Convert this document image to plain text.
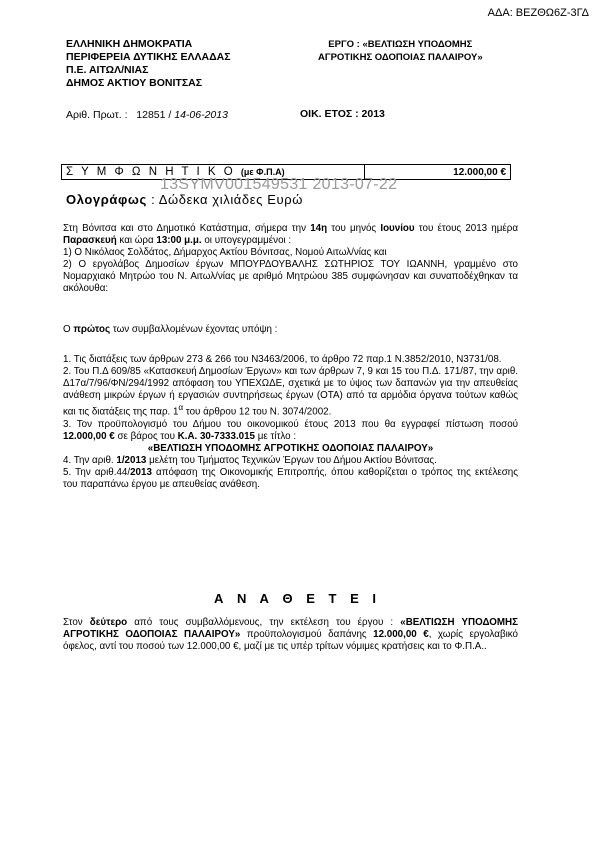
ΑΔΑ: ΒΕΖΘΩ6Ζ-3ΓΔ
ΕΛΛΗΝΙΚΗ ΔΗΜΟΚΡΑΤΙΑ
ΠΕΡΙΦΕΡΕΙΑ ΔΥΤΙΚΗΣ ΕΛΛΑΔΑΣ
Π.Ε. ΑΙΤΩΛ/ΝΙΑΣ
ΔΗΜΟΣ ΑΚΤΙΟΥ ΒΟΝΙΤΣΑΣ
ΕΡΓΟ : «ΒΕΛΤΙΩΣΗ ΥΠΟΔΟΜΗΣ
ΑΓΡΟΤΙΚΗΣ ΟΔΟΠΟΙΑΣ ΠΑΛΑΙΡΟΥ»
Αριθ. Πρωτ. : 12851 / 14-06-2013	ΟΙΚ. ΕΤΟΣ : 2013
Σ Υ Μ Φ Ω Ν Η Τ Ι Κ Ο (με Φ.Π.Α)	12.000,00 €
13SYMV001549531 2013-07-22
Ολογράφως : Δώδεκα χιλιάδες Ευρώ

Στη Βόνιτσα και στο Δημοτικό Κατάστημα, σήμερα την 14η του μηνός Ιουνίου του έτους 2013 ημέρα Παρασκευή και ώρα 13:00 μ.μ. οι υπογεγραμμένοι :

1) Ο Νικόλαος Σολδάτος, Δήμαρχος Ακτίου Βόνιτσας, Νομού Αιτωλ/νίας και

2) Ο εργολάβος Δημοσίων έργων ΜΠΟΥΡΔΟΥΒΑΛΗΣ ΣΩΤΗΡΙΟΣ ΤΟΥ ΙΩΑΝΝΗ, γραμμένο στο Νομαρχιακό Μητρώο του Ν. Αιτωλ/νίας με αριθμό Μητρώου 385 συμφώνησαν και συναποδέχθηκαν τα ακόλουθα:

Ο πρώτος των συμβαλλομένων έχοντας υπόψη :

1. Τις διατάξεις των άρθρων 273 & 266 του Ν3463/2006, το άρθρο 72 παρ.1 Ν.3852/2010, Ν3731/08.

2. Του Π.Δ 609/85 «Κατασκευή Δημοσίων Έργων» και των άρθρων 7, 9 και 15 του Π.Δ. 171/87, την αριθ. Δ17α/7/96/ΦΝ/294/1992 απόφαση του ΥΠΕΧΩΔΕ, σχετικά με το ύψος των δαπανών για την απευθείας ανάθεση μικρών έργων ή εργασιών συντηρήσεως έργων (ΟΤΑ) από τα αρμόδια όργανα τούτων καθώς και τις διατάξεις της παρ. $1^\alpha$ του άρθρου 12 του Ν. 3074/2002.

3. Τον προϋπολογισμό του Δήμου του οικονομικού έτους 2013 που θα εγγραφεί πίστωση ποσού 12.000,00 € σε βάρος του Κ.Α. 30-7333.015 με τίτλο :

«ΒΕΛΤΙΩΣΗ ΥΠΟΔΟΜΗΣ ΑΓΡΟΤΙΚΗΣ ΟΔΟΠΟΙΑΣ ΠΑΛΑΙΡΟΥ»

4. Την αριθ. 1/2013 μελέτη του Τμήματος Τεχνικών Έργων του Δήμου Ακτίου Βόνιτσας.

5. Την αριθ.44/2013 απόφαση της Οικονομικής Επιτροπής, όπου καθορίζεται ο τρόπος της εκτέλεσης του παραπάνω έργου με απευθείας ανάθεση.

Α Ν Α Θ Ε Τ Ε Ι

Στον δεύτερο από τους συμβαλλόμενους, την εκτέλεση του έργου : «ΒΕΛΤΙΩΣΗ ΥΠΟΔΟΜΗΣ ΑΓΡΟΤΙΚΗΣ ΟΔΟΠΟΙΑΣ ΠΑΛΑΙΡΟΥ» προϋπολογισμού δαπάνης 12.000,00 €, χωρίς εργολαβικό όφελος, αντί του ποσού των 12.000,00 €, μαζί με τις υπέρ τρίτων νόμιμες κρατήσεις και το Φ.Π.Α..
